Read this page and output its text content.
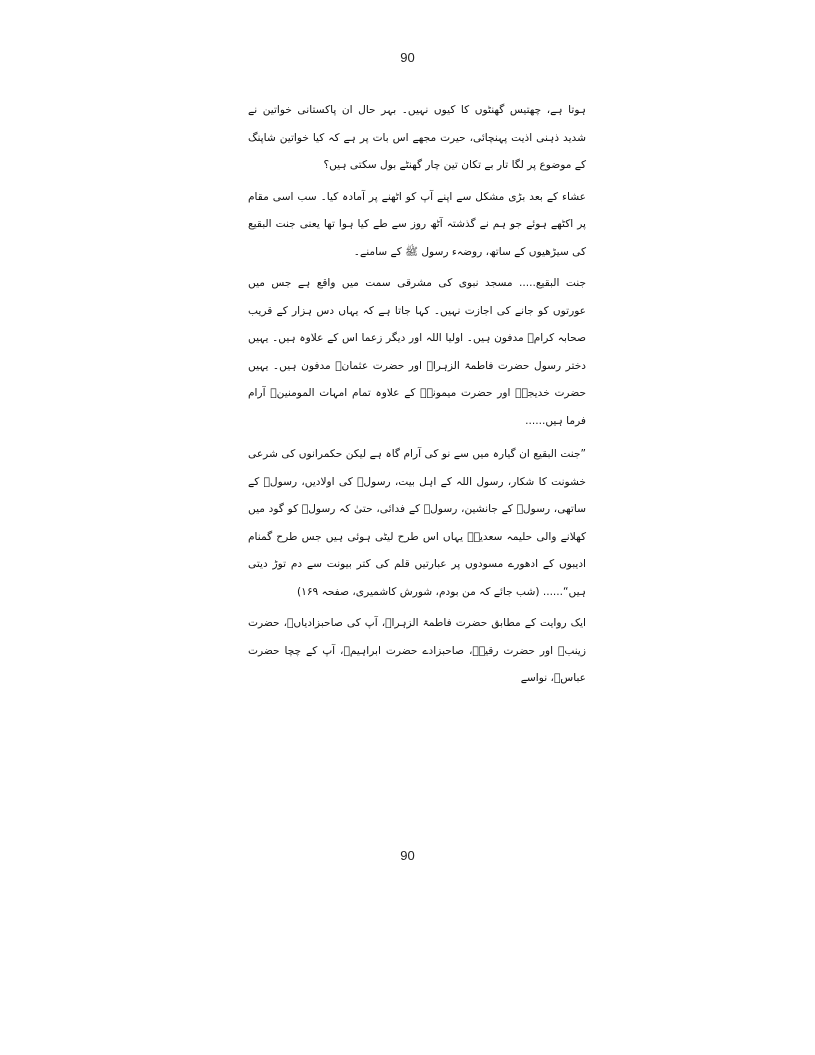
90

ہوتا ہے، چھتیس گھنٹوں کا کیوں نہیں۔ بہر حال ان پاکستانی خواتین نے شدید ذہنی اذیت پہنچائی، حیرت مجھے اس بات پر ہے کہ کیا خواتین شاپنگ کے موضوع پر لگا تار بے تکان تین چار گھنٹے بول سکتی ہیں؟

عشاء کے بعد بڑی مشکل سے اپنے آپ کو اٹھنے پر آمادہ کیا۔ سب اسی مقام پر اکٹھے ہوئے جو ہم نے گذشتہ آٹھ روز سے طے کیا ہوا تھا یعنی جنت البقیع کی سیڑھیوں کے ساتھ، روضہء رسول ﷺ کے سامنے۔

جنت البقیع..... مسجد نبوی کی مشرقی سمت میں واقع ہے جس میں عورتوں کو جانے کی اجازت نہیں۔ کہا جاتا ہے کہ یہاں دس ہزار کے قریب صحابہ کرامؓ مدفون ہیں۔ اولیا اللہ اور دیگر زعما اس کے علاوہ ہیں۔ یہیں دختر رسول حضرت فاطمۃ الزہراؓ اور حضرت عثمانؓ مدفون ہیں۔ یہیں حضرت خدیجہؓ اور حضرت میمونہؓ کے علاوہ تمام امہات المومنینؓ آرام فرما ہیں......

”جنت البقیع ان گیارہ میں سے نو کی آرام گاہ ہے لیکن حکمرانوں کی شرعی خشونت کا شکار، رسول اللہ کے اہل بیت، رسولؐ کی اولادیں، رسولؐ کے ساتھی، رسولؐ کے جانشین، رسولؐ کے فدائی، حتیٰ کہ رسولؐ کو گود میں کھلانے والی حلیمہ سعدیہؓ یہاں اس طرح لیٹی ہوئی ہیں جس طرح گمنام ادیبوں کے ادھورے مسودوں پر عبارتیں قلم کی کتر بیونت سے دم توڑ دیتی ہیں“...... (شب جائے کہ من بودم، شورش کاشمیری، صفحہ ۱۶۹)

ایک روایت کے مطابق حضرت فاطمۃ الزہراؓ، آپ کی صاحبزادیاںؓ، حضرت زینبؓ اور حضرت رقیہؓ، صاحبزادے حضرت ابراہیمؓ، آپ کے چچا حضرت عباسؓ، نواسے

90
